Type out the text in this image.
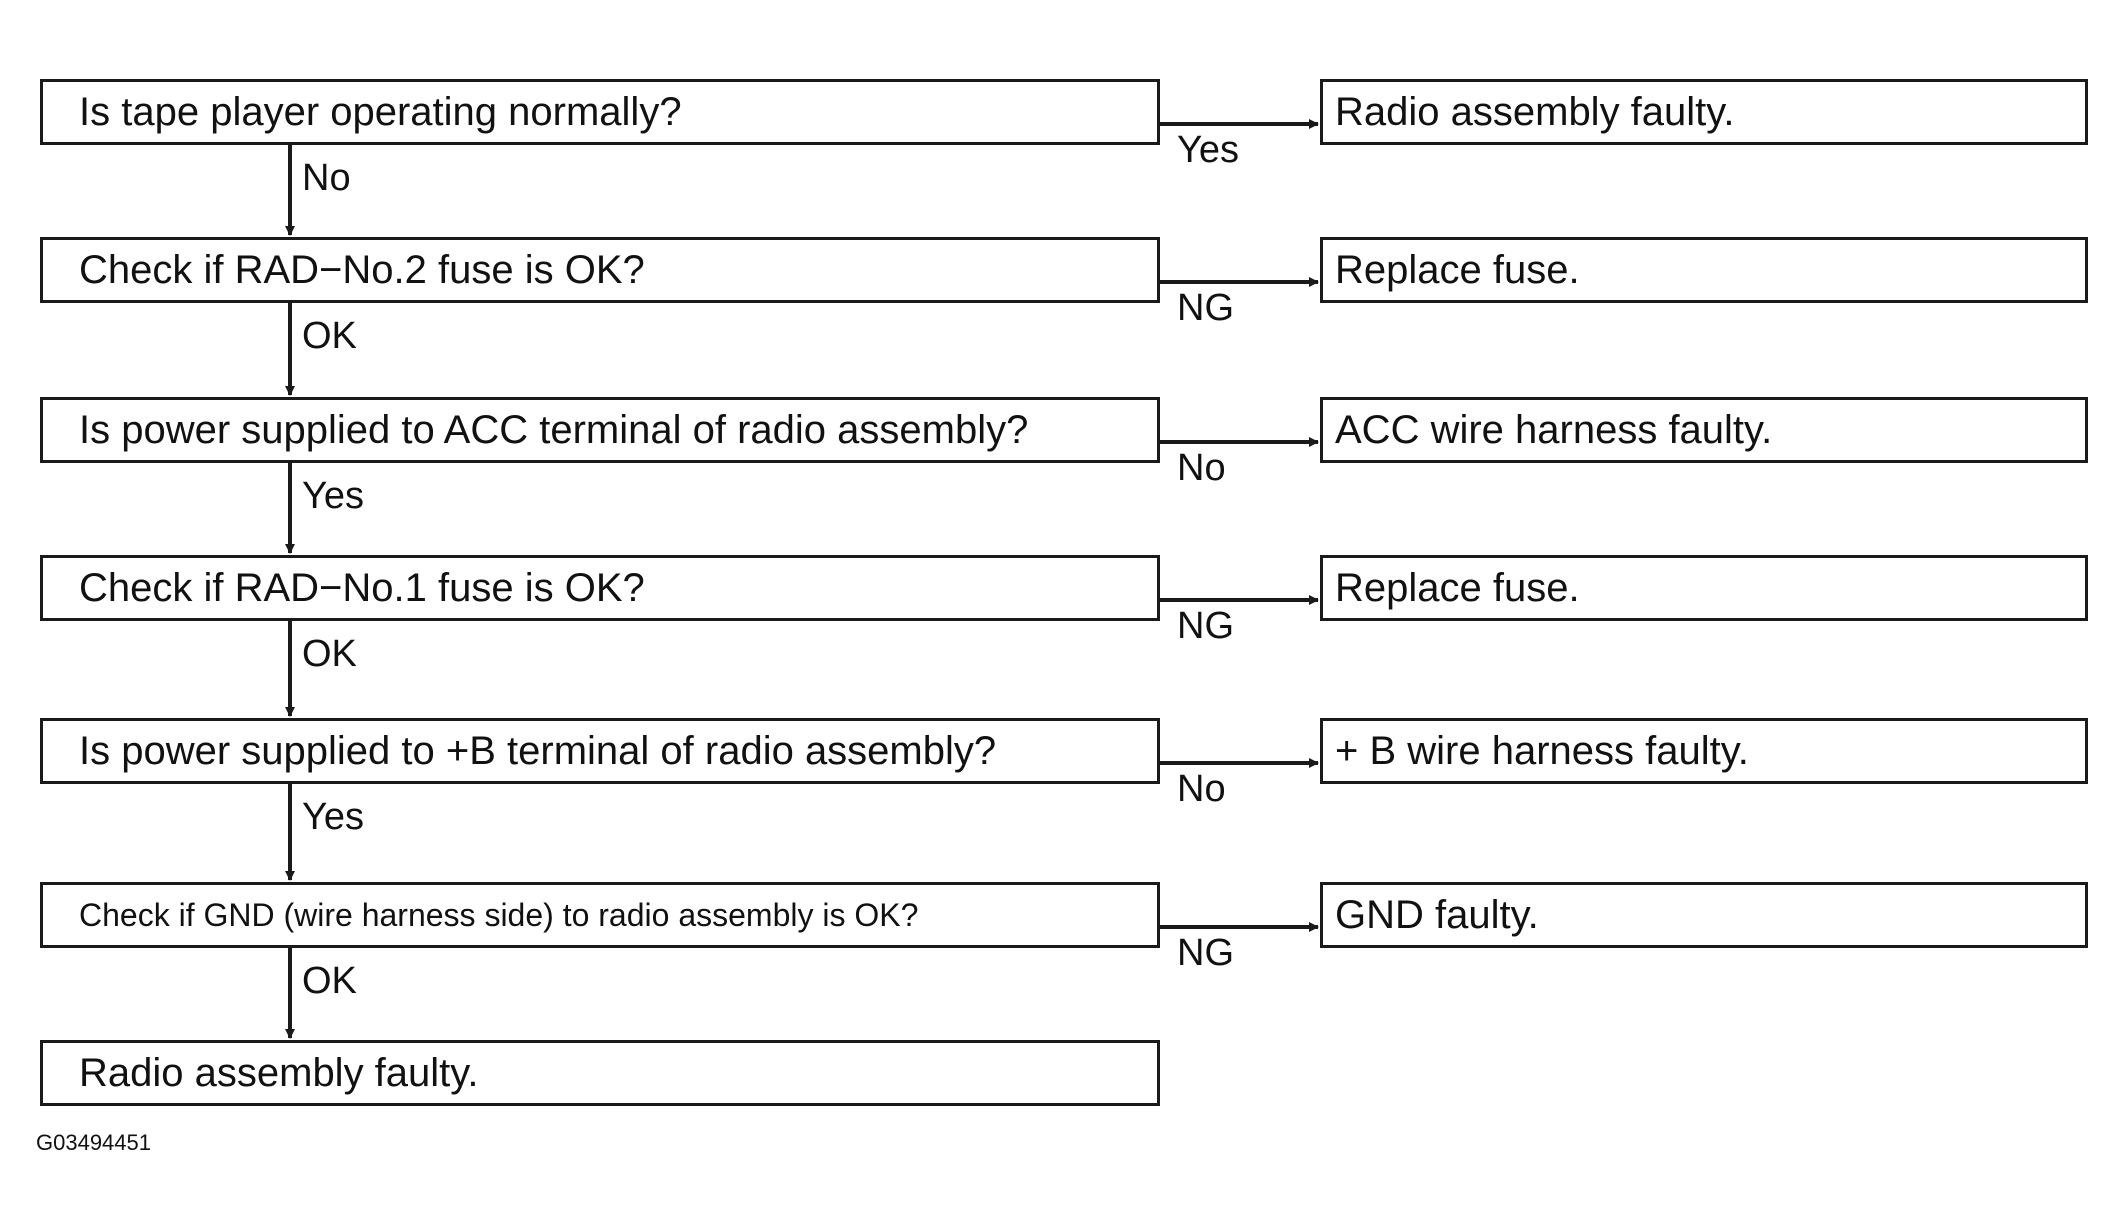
Is tape player operating normally?	Radio assembly faulty.
Yes
No
Check if RAD−No.2 fuse is OK?	Replace fuse.
NG
OK
Is power supplied to ACC terminal of radio assembly?	ACC wire harness faulty.
No
Yes
Check if RAD−No.1 fuse is OK?	Replace fuse.
NG
OK
Is power supplied to +B terminal of radio assembly?	+ B wire harness faulty.
No
Yes
Check if GND (wire harness side) to radio assembly is OK?	GND faulty.
NG
OK
Radio assembly faulty.
G03494451
